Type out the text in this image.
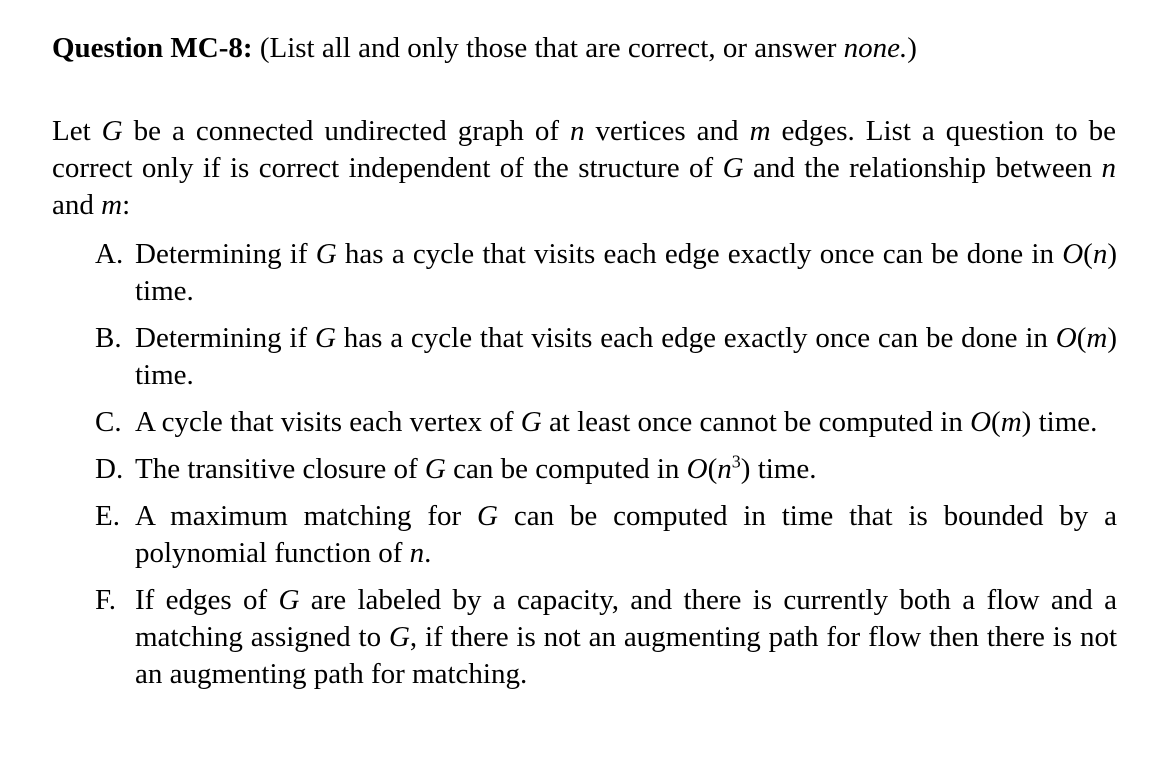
Question MC-8: (List all and only those that are correct, or answer none.)
Let G be a connected undirected graph of n vertices and m edges. List a question to be correct only if is correct independent of the structure of G and the relationship between n and m:
A. Determining if G has a cycle that visits each edge exactly once can be done in O(n) time.
B. Determining if G has a cycle that visits each edge exactly once can be done in O(m) time.
C. A cycle that visits each vertex of G at least once cannot be computed in O(m) time.
D. The transitive closure of G can be computed in $O(n^3)$ time.
E. A maximum matching for G can be computed in time that is bounded by a polynomial function of n.
F. If edges of G are labeled by a capacity, and there is currently both a flow and a matching assigned to G, if there is not an augmenting path for flow then there is not an augmenting path for matching.
